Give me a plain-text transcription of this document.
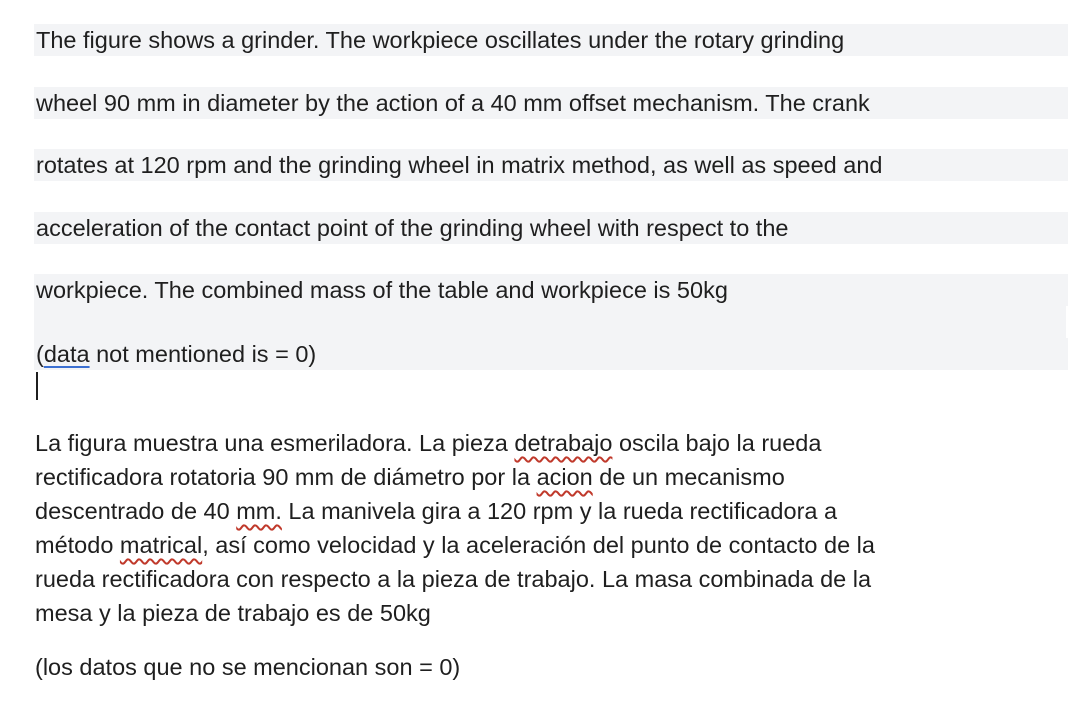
The figure shows a grinder. The workpiece oscillates under the rotary grinding
wheel 90 mm in diameter by the action of a 40 mm offset mechanism. The crank
rotates at 120 rpm and the grinding wheel in matrix method, as well as speed and
acceleration of the contact point of the grinding wheel with respect to the
workpiece. The combined mass of the table and workpiece is 50kg
(data not mentioned is = 0)
La figura muestra una esmeriladora. La pieza detrabajo oscila bajo la rueda
rectificadora rotatoria 90 mm de diámetro por la acion de un mecanismo
descentrado de 40 mm. La manivela gira a 120 rpm y la rueda rectificadora a
método matrical, así como velocidad y la aceleración del punto de contacto de la
rueda rectificadora con respecto a la pieza de trabajo. La masa combinada de la
mesa y la pieza de trabajo es de 50kg
(los datos que no se mencionan son = 0)
